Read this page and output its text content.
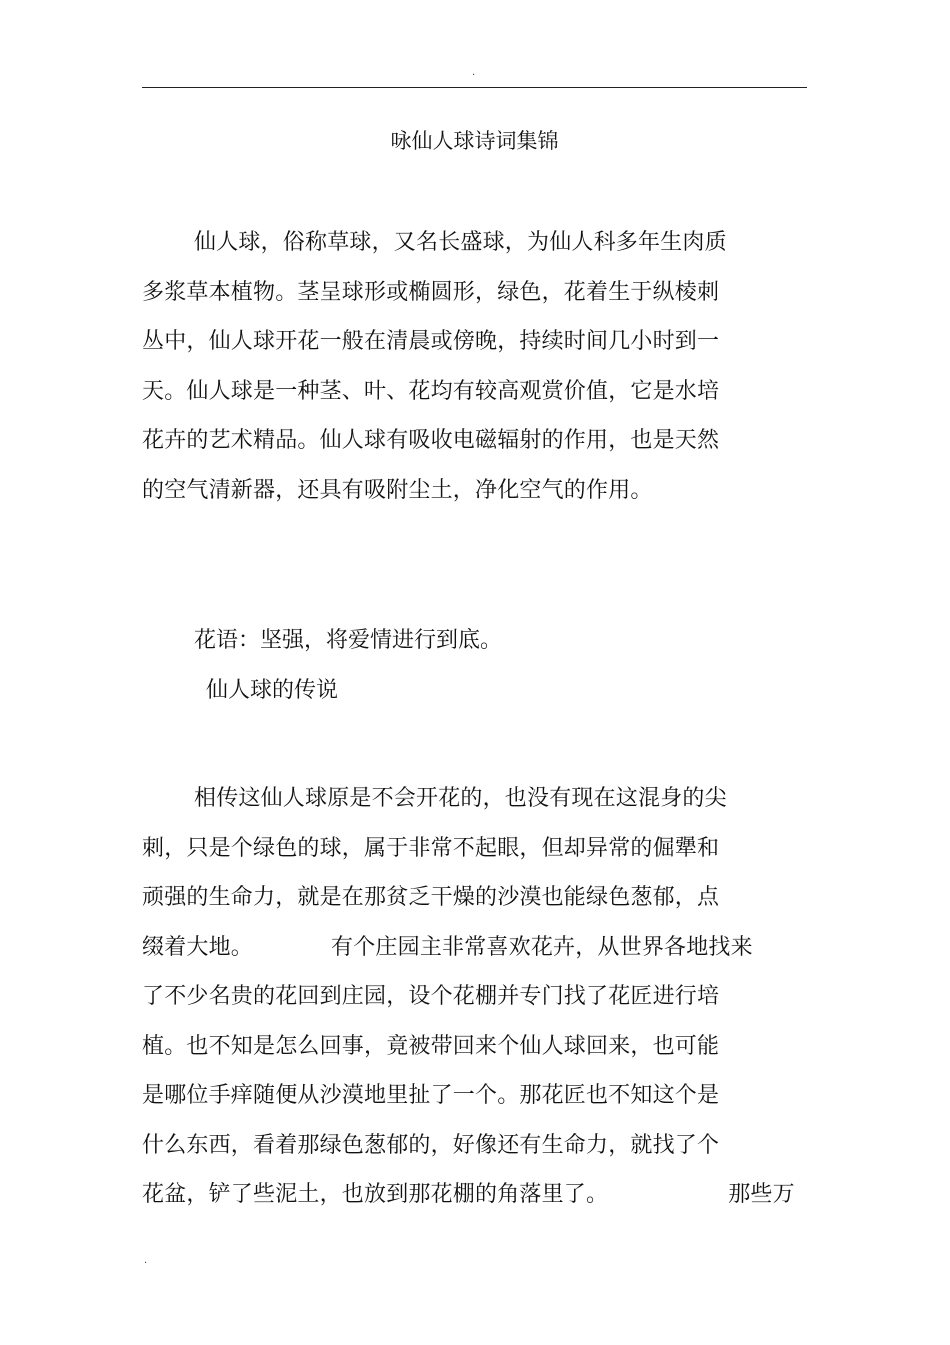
.
咏仙人球诗词集锦
仙人球，俗称草球，又名长盛球，为仙人科多年生肉质
多浆草本植物。茎呈球形或椭圆形，绿色，花着生于纵棱刺
丛中，仙人球开花一般在清晨或傍晚，持续时间几小时到一
天。仙人球是一种茎、叶、花均有较高观赏价值，它是水培
花卉的艺术精品。仙人球有吸收电磁辐射的作用，也是天然
的空气清新器，还具有吸附尘土，净化空气的作用。
花语：坚强，将爱情进行到底。
仙人球的传说
相传这仙人球原是不会开花的，也没有现在这混身的尖
刺，只是个绿色的球，属于非常不起眼，但却异常的倔犟和
顽强的生命力，就是在那贫乏干燥的沙漠也能绿色葱郁，点
缀着大地。	有个庄园主非常喜欢花卉，从世界各地找来
了不少名贵的花回到庄园，设个花棚并专门找了花匠进行培
植。也不知是怎么回事，竟被带回来个仙人球回来，也可能
是哪位手痒随便从沙漠地里扯了一个。那花匠也不知这个是
什么东西，看着那绿色葱郁的，好像还有生命力，就找了个
花盆，铲了些泥土，也放到那花棚的角落里了。	那些万
.
